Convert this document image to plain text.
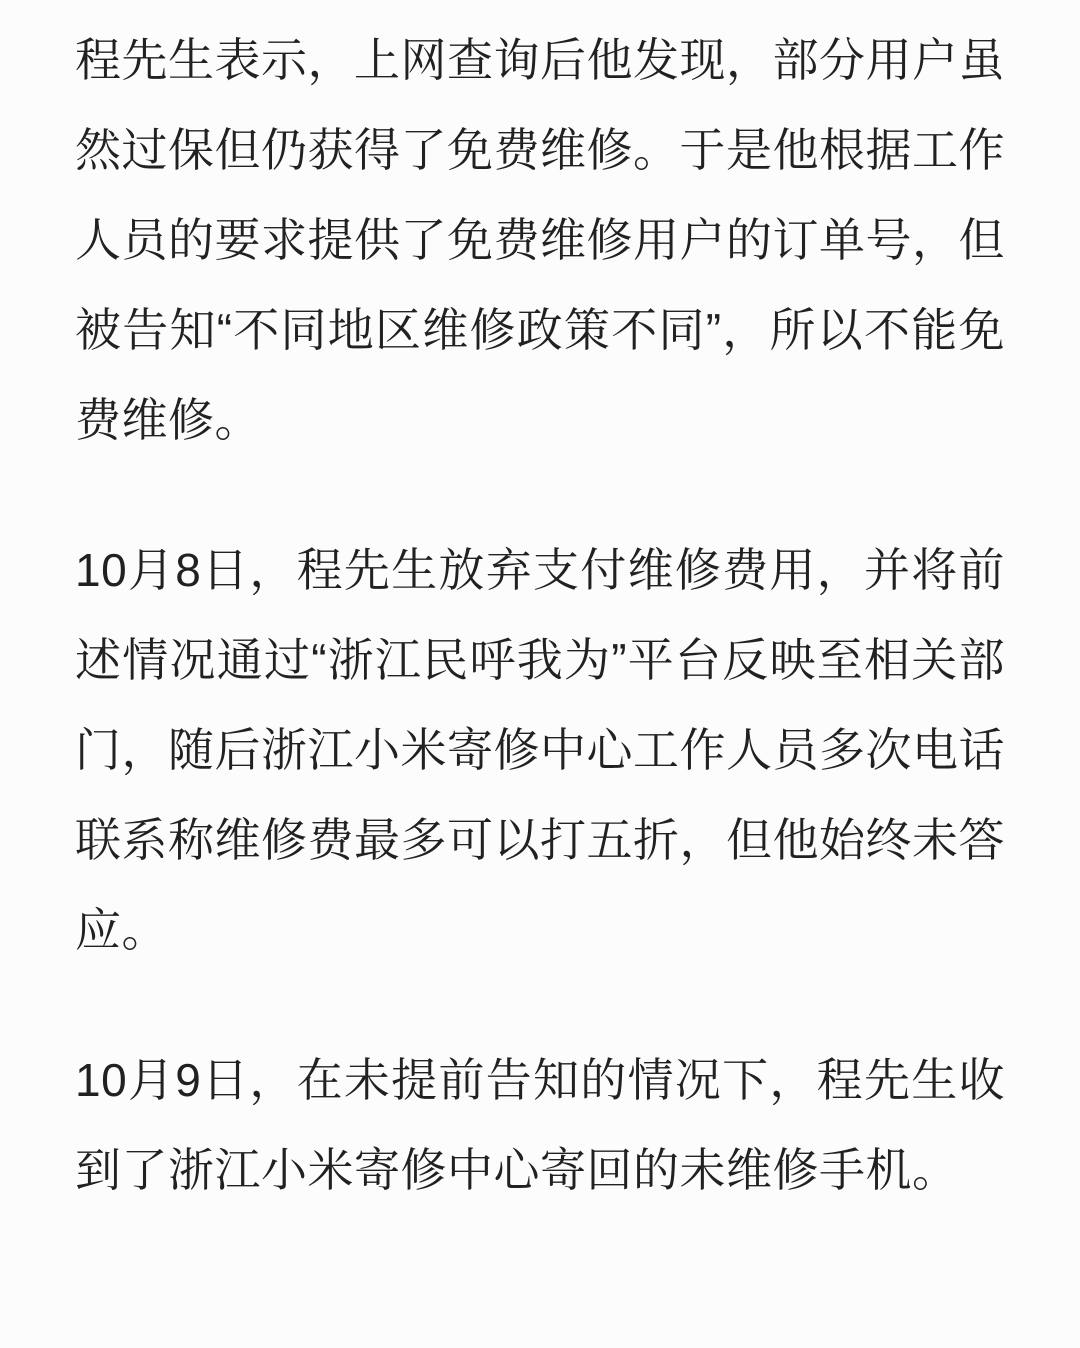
程先生表示，上网查询后他发现，部分用户虽然过保但仍获得了免费维修。于是他根据工作人员的要求提供了免费维修用户的订单号，但被告知“不同地区维修政策不同”，所以不能免费维修。

10月8日，程先生放弃支付维修费用，并将前述情况通过“浙江民呼我为”平台反映至相关部门，随后浙江小米寄修中心工作人员多次电话联系称维修费最多可以打五折，但他始终未答应。

10月9日，在未提前告知的情况下，程先生收到了浙江小米寄修中心寄回的未维修手机。
